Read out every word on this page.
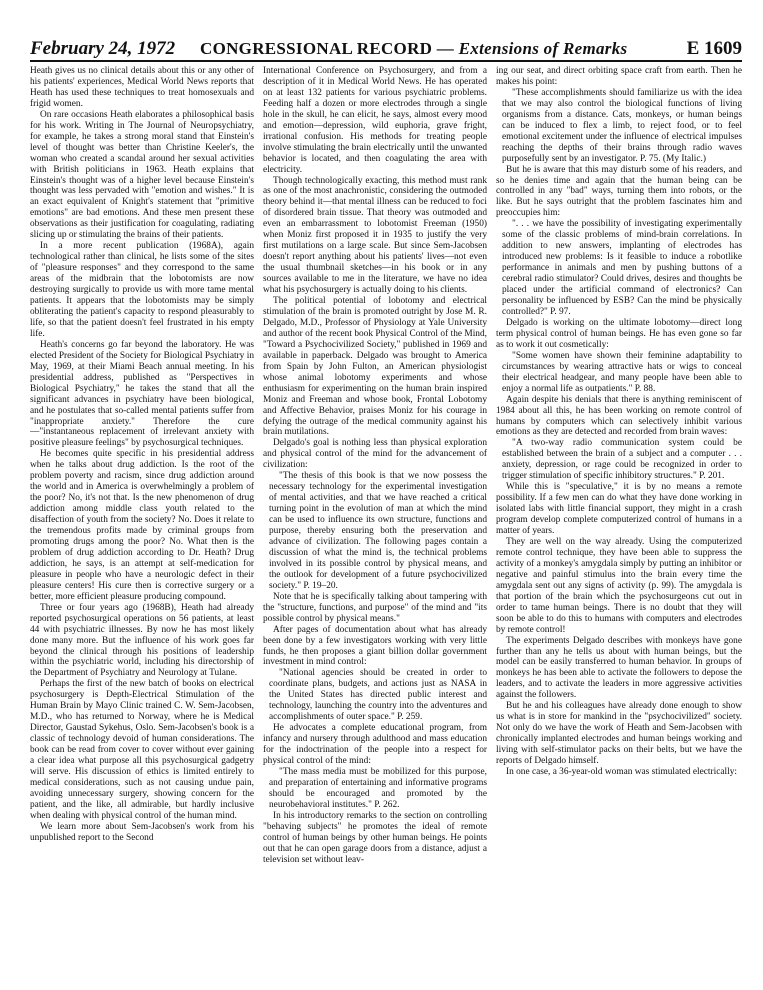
February 24, 1972 CONGRESSIONAL RECORD — Extensions of Remarks	E 1609

Heath gives us no clinical details about this or any other of his patients' experiences, Medical World News reports that Heath has used these techniques to treat homosexuals and frigid women.

On rare occasions Heath elaborates a philosophical basis for his work. Writing in The Journal of Neuropsychiatry, for example, he takes a strong moral stand that Einstein's level of thought was better than Christine Keeler's, the woman who created a scandal around her sexual activities with British politicians in 1963. Heath explains that Einstein's thought was of a higher level because Einstein's thought was less pervaded with "emotion and wishes." It is an exact equivalent of Knight's statement that "primitive emotions" are bad emotions. And these men present these observations as their justification for coagulating, radiating slicing up or stimulating the brains of their patients.

In a more recent publication (1968A), again technological rather than clinical, he lists some of the sites of "pleasure responses" and they correspond to the same areas of the midbrain that the lobotomists are now destroying surgically to provide us with more tame mental patients. It appears that the lobotomists may be simply obliterating the patient's capacity to respond pleasurably to life, so that the patient doesn't feel frustrated in his empty life.

Heath's concerns go far beyond the laboratory. He was elected President of the Society for Biological Psychiatry in May, 1969, at their Miami Beach annual meeting. In his presidential address, published as "Perspectives in Biological Psychiatry," he takes the stand that all the significant advances in psychiatry have been biological, and he postulates that so-called mental patients suffer from "inappropriate anxiety." Therefore the cure—"instantaneous replacement of irrelevant anxiety with positive pleasure feelings" by psychosurgical techniques.

He becomes quite specific in his presidential address when he talks about drug addiction. Is the root of the problem poverty and racism, since drug addiction around the world and in America is overwhelmingly a problem of the poor? No, it's not that. Is the new phenomenon of drug addiction among middle class youth related to the disaffection of youth from the society? No. Does it relate to the tremendous profits made by criminal groups from promoting drugs among the poor? No. What then is the problem of drug addiction according to Dr. Heath? Drug addiction, he says, is an attempt at self-medication for pleasure in people who have a neurologic defect in their pleasure centers! His cure then is corrective surgery or a better, more efficient pleasure producing compound.

Three or four years ago (1968B), Heath had already reported psychosurgical operations on 56 patients, at least 44 with psychiatric illnesses. By now he has most likely done many more. But the influence of his work goes far beyond the clinical through his positions of leadership within the psychiatric world, including his directorship of the Department of Psychiatry and Neurology at Tulane.

Perhaps the first of the new batch of books on electrical psychosurgery is Depth-Electrical Stimulation of the Human Brain by Mayo Clinic trained C. W. Sem-Jacobsen, M.D., who has returned to Norway, where he is Medical Director, Gaustad Sykehus, Oslo. Sem-Jacobsen's book is a classic of technology devoid of human considerations. The book can be read from cover to cover without ever gaining a clear idea what purpose all this psychosurgical gadgetry will serve. His discussion of ethics is limited entirely to medical considerations, such as not causing undue pain, avoiding unnecessary surgery, showing concern for the patient, and the like, all admirable, but hardly inclusive when dealing with physical control of the human mind.

We learn more about Sem-Jacobsen's work from his unpublished report to the Second

International Conference on Psychosurgery, and from a description of it in Medical World News. He has operated on at least 132 patients for various psychiatric problems. Feeding half a dozen or more electrodes through a single hole in the skull, he can elicit, he says, almost every mood and emotion—depression, wild euphoria, grave fright, irrational confusion. His methods for treating people involve stimulating the brain electrically until the unwanted behavior is located, and then coagulating the area with electricity.

Though technologically exacting, this method must rank as one of the most anachronistic, considering the outmoded theory behind it—that mental illness can be reduced to foci of disordered brain tissue. That theory was outmoded and even an embarrassment to lobotomist Freeman (1950) when Moniz first proposed it in 1935 to justify the very first mutilations on a large scale. But since Sem-Jacobsen doesn't report anything about his patients' lives—not even the usual thumbnail sketches—in his book or in any sources available to me in the literature, we have no idea what his psychosurgery is actually doing to his clients.

The political potential of lobotomy and electrical stimulation of the brain is promoted outright by Jose M. R. Delgado, M.D., Professor of Physiology at Yale University and author of the recent book Physical Control of the Mind, "Toward a Psychocivilized Society," published in 1969 and available in paperback. Delgado was brought to America from Spain by John Fulton, an American physiologist whose animal lobotomy experiments and whose enthusiasm for experimenting on the human brain inspired Moniz and Freeman and whose book, Frontal Lobotomy and Affective Behavior, praises Moniz for his courage in defying the outrage of the medical community against his brain mutilations.

Delgado's goal is nothing less than physical exploration and physical control of the mind for the advancement of civilization:

"The thesis of this book is that we now possess the necessary technology for the experimental investigation of mental activities, and that we have reached a critical turning point in the evolution of man at which the mind can be used to influence its own structure, functions and purpose, thereby ensuring both the preservation and advance of civilization. The following pages contain a discussion of what the mind is, the technical problems involved in its possible control by physical means, and the outlook for development of a future psychocivilized society." P. 19–20.

Note that he is specifically talking about tampering with the "structure, functions, and purpose" of the mind and "its possible control by physical means."

After pages of documentation about what has already been done by a few investigators working with very little funds, he then proposes a giant billion dollar government investment in mind control:

"National agencies should be created in order to coordinate plans, budgets, and actions just as NASA in the United States has directed public interest and technology, launching the country into the adventures and accomplishments of outer space." P. 259.

He advocates a complete educational program, from infancy and nursery through adulthood and mass education for the indoctrination of the people into a respect for physical control of the mind:

"The mass media must be mobilized for this purpose, and preparation of entertaining and informative programs should be encouraged and promoted by the neurobehavioral institutes." P. 262.

In his introductory remarks to the section on controlling "behaving subjects" he promotes the ideal of remote control of human beings by other human beings. He points out that he can open garage doors from a distance, adjust a television set without leav-

ing our seat, and direct orbiting space craft from earth. Then he makes his point:

"These accomplishments should familiarize us with the idea that we may also control the biological functions of living organisms from a distance. Cats, monkeys, or human beings can be induced to flex a limb, to reject food, or to feel emotional excitement under the influence of electrical impulses reaching the depths of their brains through radio waves purposefully sent by an investigator. P. 75. (My Italic.)

But he is aware that this may disturb some of his readers, and so he denies time and again that the human being can be controlled in any "bad" ways, turning them into robots, or the like. But he says outright that the problem fascinates him and preoccupies him:

". . . we have the possibility of investigating experimentally some of the classic problems of mind-brain correlations. In addition to new answers, implanting of electrodes has introduced new problems: Is it feasible to induce a robotlike performance in animals and men by pushing buttons of a cerebral radio stimulator? Could drives, desires and thoughts be placed under the artificial command of electronics? Can personality be influenced by ESB? Can the mind be physically controlled?" P. 97.

Delgado is working on the ultimate lobotomy—direct long term physical control of human beings. He has even gone so far as to work it out cosmetically:

"Some women have shown their feminine adaptability to circumstances by wearing attractive hats or wigs to conceal their electrical headgear, and many people have been able to enjoy a normal life as outpatients." P. 88.

Again despite his denials that there is anything reminiscent of 1984 about all this, he has been working on remote control of humans by computers which can selectively inhibit various emotions as they are detected and recorded from brain waves:

"A two-way radio communication system could be established between the brain of a subject and a computer . . . anxiety, depression, or rage could be recognized in order to trigger stimulation of specific inhibitory structures." P. 201.

While this is "speculative," it is by no means a remote possibility. If a few men can do what they have done working in isolated labs with little financial support, they might in a crash program develop complete computerized control of humans in a matter of years.

They are well on the way already. Using the computerized remote control technique, they have been able to suppress the activity of a monkey's amygdala simply by putting an inhibitor or negative and painful stimulus into the brain every time the amygdala sent out any signs of activity (p. 99). The amygdala is that portion of the brain which the psychosurgeons cut out in order to tame human beings. There is no doubt that they will soon be able to do this to humans with computers and electrodes by remote control!

The experiments Delgado describes with monkeys have gone further than any he tells us about with human beings, but the model can be easily transferred to human behavior. In groups of monkeys he has been able to activate the followers to depose the leaders, and to activate the leaders in more aggressive activities against the followers.

But he and his colleagues have already done enough to show us what is in store for mankind in the "psychocivilized" society. Not only do we have the work of Heath and Sem-Jacobsen with chronically implanted electrodes and human beings working and living with self-stimulator packs on their belts, but we have the reports of Delgado himself.

In one case, a 36-year-old woman was stimulated electrically:
